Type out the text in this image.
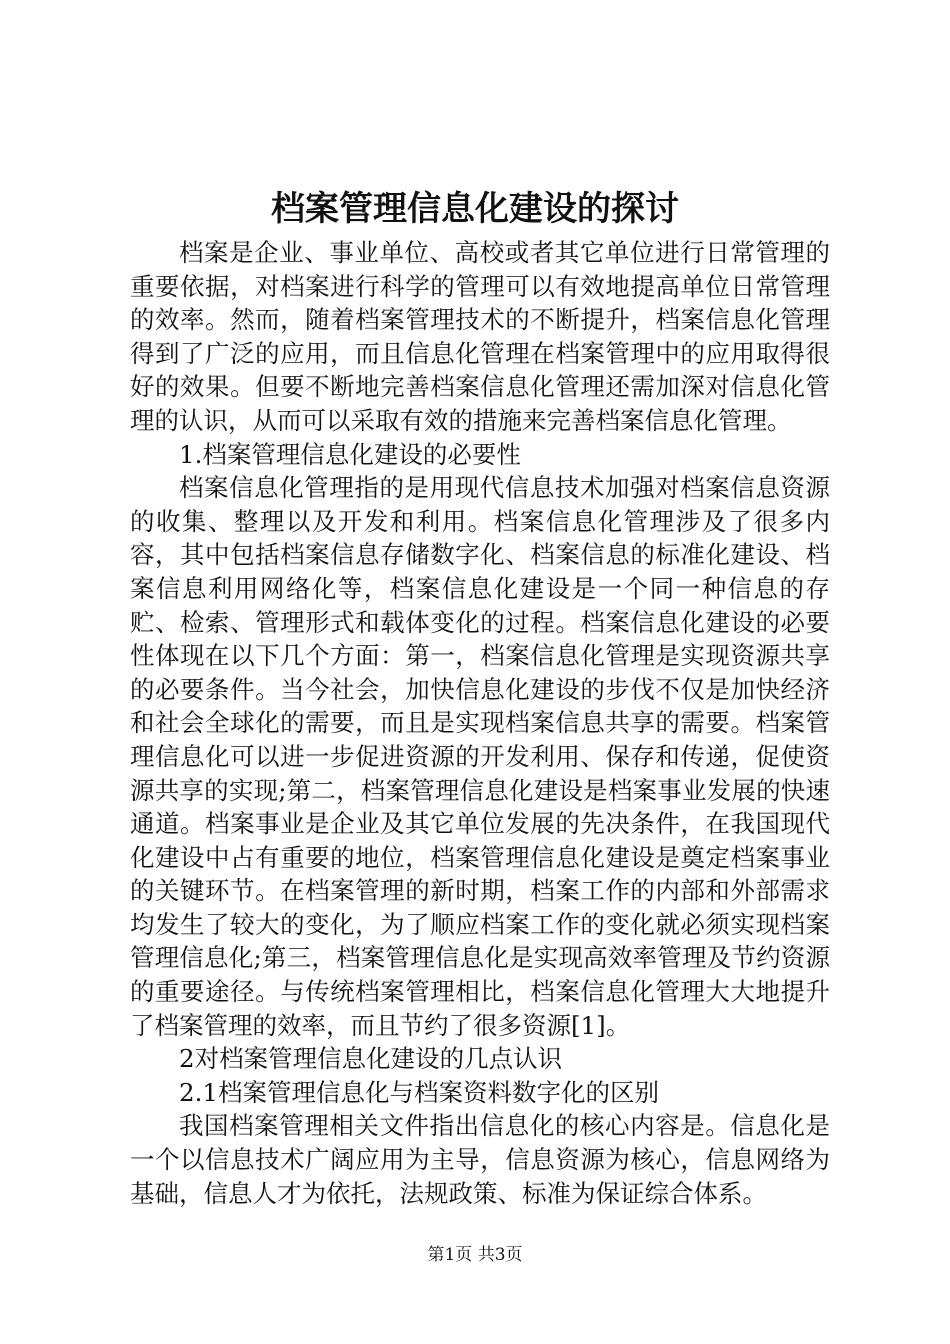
档案管理信息化建设的探讨

档案是企业、事业单位、高校或者其它单位进行日常管理的重要依据，对档案进行科学的管理可以有效地提高单位日常管理的效率。然而，随着档案管理技术的不断提升，档案信息化管理得到了广泛的应用，而且信息化管理在档案管理中的应用取得很好的效果。但要不断地完善档案信息化管理还需加深对信息化管理的认识，从而可以采取有效的措施来完善档案信息化管理。

1.档案管理信息化建设的必要性

档案信息化管理指的是用现代信息技术加强对档案信息资源的收集、整理以及开发和利用。档案信息化管理涉及了很多内容，其中包括档案信息存储数字化、档案信息的标准化建设、档案信息利用网络化等，档案信息化建设是一个同一种信息的存贮、检索、管理形式和载体变化的过程。档案信息化建设的必要性体现在以下几个方面：第一，档案信息化管理是实现资源共享的必要条件。当今社会，加快信息化建设的步伐不仅是加快经济和社会全球化的需要，而且是实现档案信息共享的需要。档案管理信息化可以进一步促进资源的开发利用、保存和传递，促使资源共享的实现;第二，档案管理信息化建设是档案事业发展的快速通道。档案事业是企业及其它单位发展的先决条件，在我国现代化建设中占有重要的地位，档案管理信息化建设是奠定档案事业的关键环节。在档案管理的新时期，档案工作的内部和外部需求均发生了较大的变化，为了顺应档案工作的变化就必须实现档案管理信息化;第三，档案管理信息化是实现高效率管理及节约资源的重要途径。与传统档案管理相比，档案信息化管理大大地提升了档案管理的效率，而且节约了很多资源[1]。

2对档案管理信息化建设的几点认识

2.1档案管理信息化与档案资料数字化的区别

我国档案管理相关文件指出信息化的核心内容是。信息化是一个以信息技术广阔应用为主导，信息资源为核心，信息网络为基础，信息人才为依托，法规政策、标准为保证综合体系。

第1页 共3页
